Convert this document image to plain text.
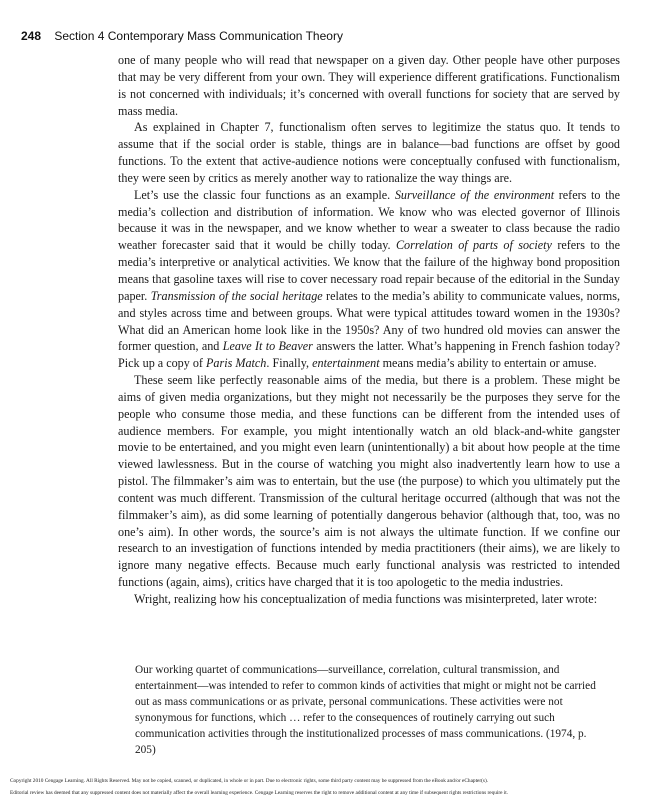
248 Section 4 Contemporary Mass Communication Theory

one of many people who will read that newspaper on a given day. Other people have other purposes that may be very different from your own. They will experience different gratifications. Functionalism is not concerned with individuals; it’s concerned with overall functions for society that are served by mass media.

As explained in Chapter 7, functionalism often serves to legitimize the status quo. It tends to assume that if the social order is stable, things are in balance—bad functions are offset by good functions. To the extent that active-audience notions were conceptually confused with functionalism, they were seen by critics as merely another way to rationalize the way things are.

Let’s use the classic four functions as an example. Surveillance of the environment refers to the media’s collection and distribution of information. We know who was elected governor of Illinois because it was in the newspaper, and we know whether to wear a sweater to class because the radio weather forecaster said that it would be chilly today. Correlation of parts of society refers to the media’s interpretive or analytical activities. We know that the failure of the highway bond proposition means that gasoline taxes will rise to cover necessary road repair because of the editorial in the Sunday paper. Transmission of the social heritage relates to the media’s ability to communicate values, norms, and styles across time and between groups. What were typical attitudes toward women in the 1930s? What did an American home look like in the 1950s? Any of two hundred old movies can answer the former question, and Leave It to Beaver answers the latter. What’s happening in French fashion today? Pick up a copy of Paris Match. Finally, entertainment means media’s ability to entertain or amuse.

These seem like perfectly reasonable aims of the media, but there is a problem. These might be aims of given media organizations, but they might not necessarily be the purposes they serve for the people who consume those media, and these functions can be different from the intended uses of audience members. For example, you might intentionally watch an old black-and-white gangster movie to be entertained, and you might even learn (unintentionally) a bit about how people at the time viewed lawlessness. But in the course of watching you might also inadvertently learn how to use a pistol. The filmmaker’s aim was to entertain, but the use (the purpose) to which you ultimately put the content was much different. Transmission of the cultural heritage occurred (although that was not the filmmaker’s aim), as did some learning of potentially dangerous behavior (although that, too, was no one’s aim). In other words, the source’s aim is not always the ultimate function. If we confine our research to an investigation of functions intended by media practitioners (their aims), we are likely to ignore many negative effects. Because much early functional analysis was restricted to intended functions (again, aims), critics have charged that it is too apologetic to the media industries.

Wright, realizing how his conceptualization of media functions was misinterpreted, later wrote:

Our working quartet of communications—surveillance, correlation, cultural transmission, and entertainment—was intended to refer to common kinds of activities that might or might not be carried out as mass communications or as private, personal communications. These activities were not synonymous for functions, which … refer to the consequences of routinely carrying out such communication activities through the institutionalized processes of mass communications. (1974, p. 205)
Copyright 2010 Cengage Learning. All Rights Reserved. May not be copied, scanned, or duplicated, in whole or in part. Due to electronic rights, some third party content may be suppressed from the eBook and/or eChapter(s).
Editorial review has deemed that any suppressed content does not materially affect the overall learning experience. Cengage Learning reserves the right to remove additional content at any time if subsequent rights restrictions require it.
